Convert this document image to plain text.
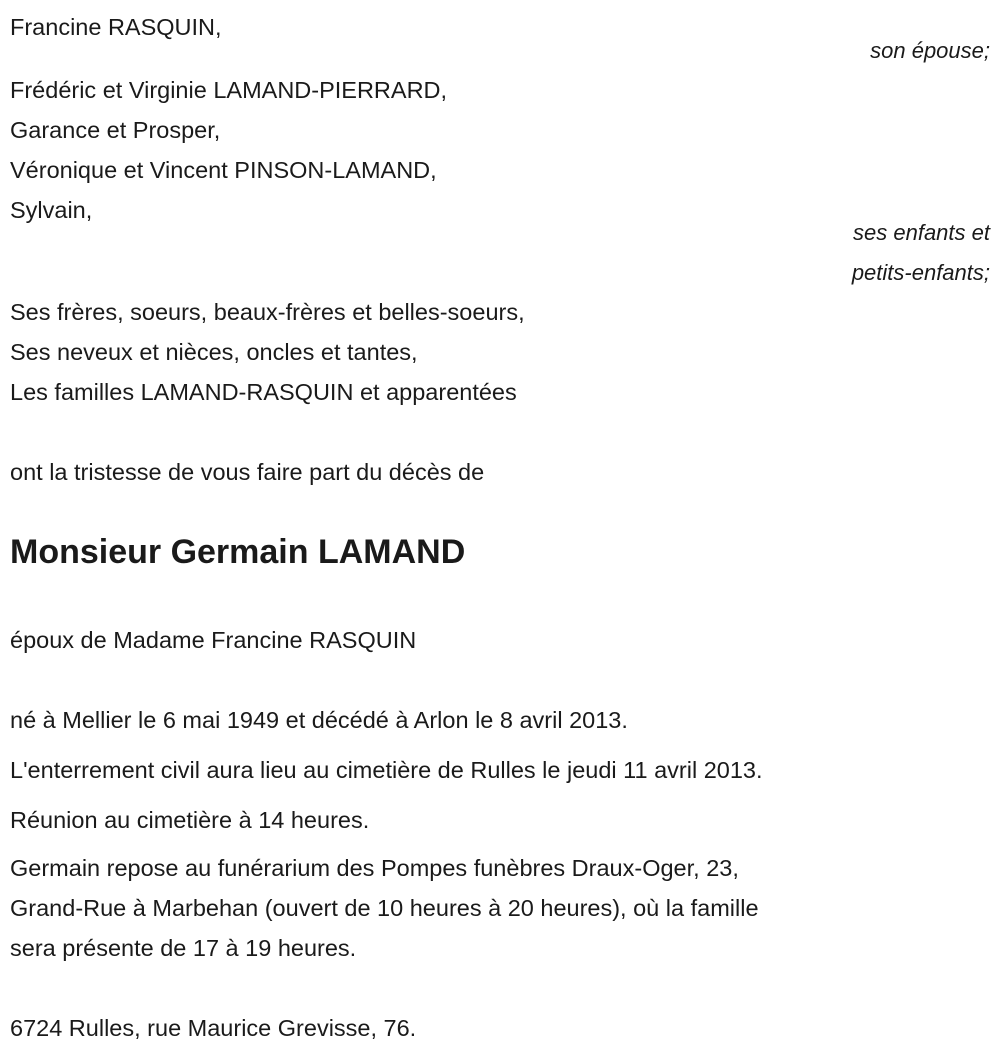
Francine RASQUIN,
son épouse;
Frédéric et Virginie LAMAND-PIERRARD,
Garance et Prosper,
Véronique et Vincent PINSON-LAMAND,
Sylvain,
ses enfants et
petits-enfants;
Ses frères, soeurs, beaux-frères et belles-soeurs,
Ses neveux et nièces, oncles et tantes,
Les familles LAMAND-RASQUIN et apparentées
ont la tristesse de vous faire part du décès de
Monsieur Germain LAMAND
époux de Madame Francine RASQUIN
né à Mellier le 6 mai 1949 et décédé à Arlon le 8 avril 2013.
L'enterrement civil aura lieu au cimetière de Rulles le jeudi 11 avril 2013.
Réunion au cimetière à 14 heures.
Germain repose au funérarium des Pompes funèbres Draux-Oger, 23,
Grand-Rue à Marbehan (ouvert de 10 heures à 20 heures), où la famille
sera présente de 17 à 19 heures.
6724 Rulles, rue Maurice Grevisse, 76.
